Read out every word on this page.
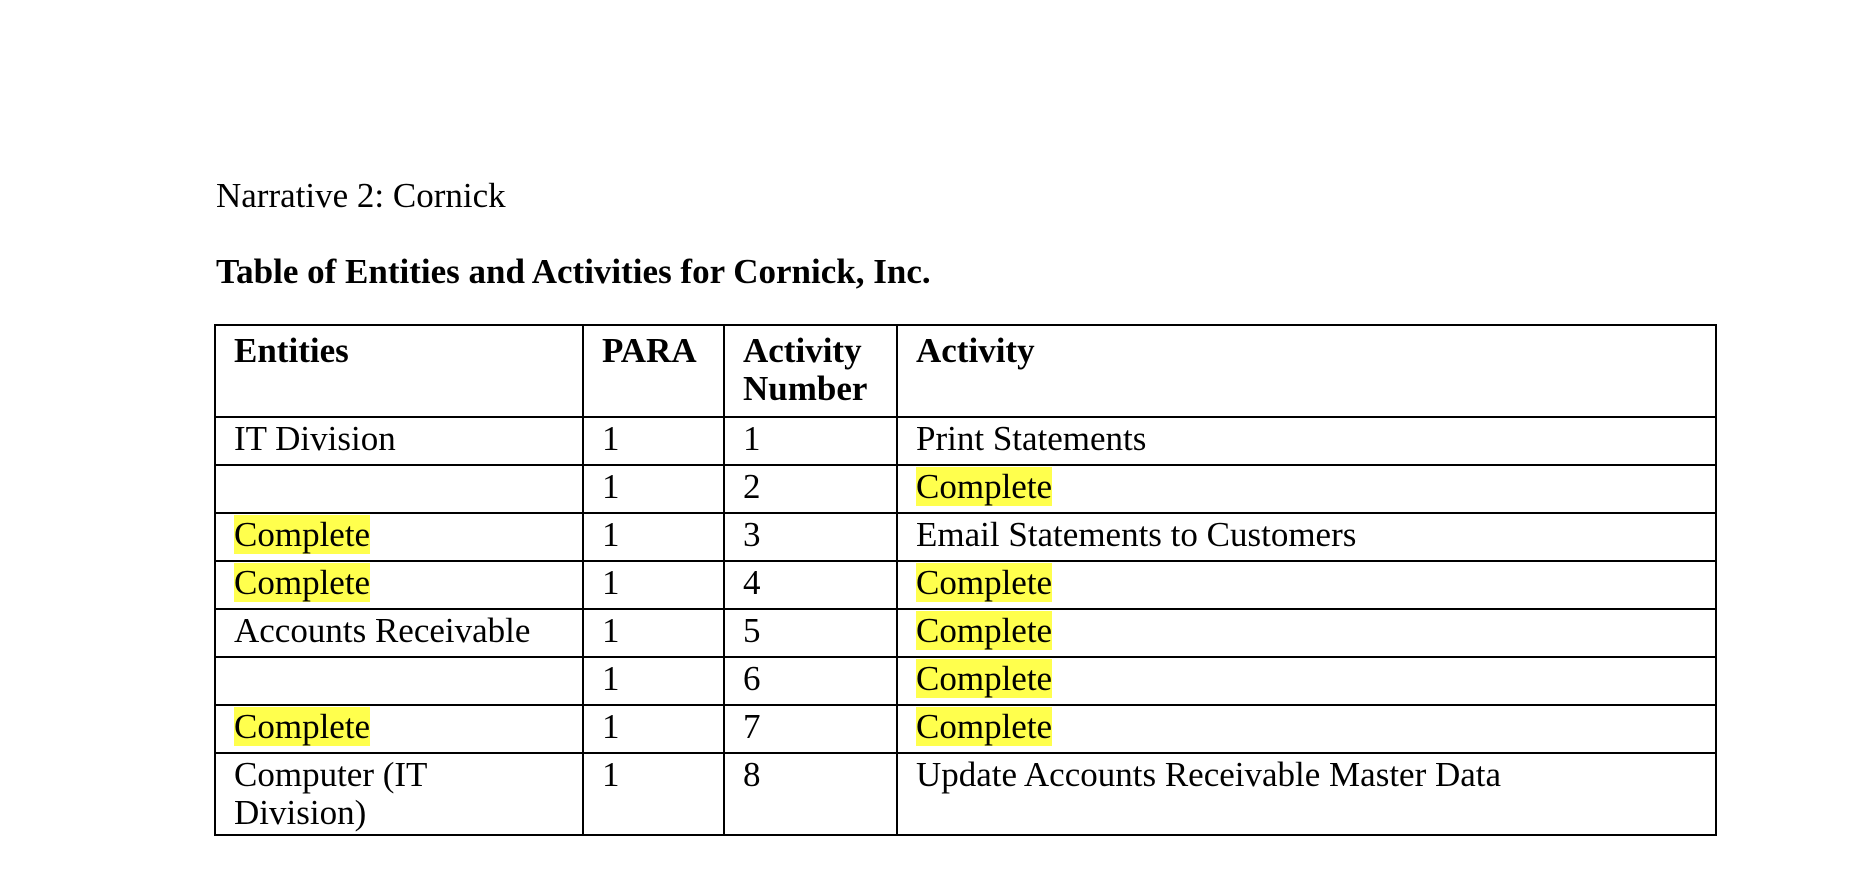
Narrative 2: Cornick
Table of Entities and Activities for Cornick, Inc.
Entities	PARA	Activity Number	Activity
IT Division	1	1	Print Statements
	1	2	Complete
Complete	1	3	Email Statements to Customers
Complete	1	4	Complete
Accounts Receivable	1	5	Complete
	1	6	Complete
Complete	1	7	Complete
Computer (IT Division)	1	8	Update Accounts Receivable Master Data
